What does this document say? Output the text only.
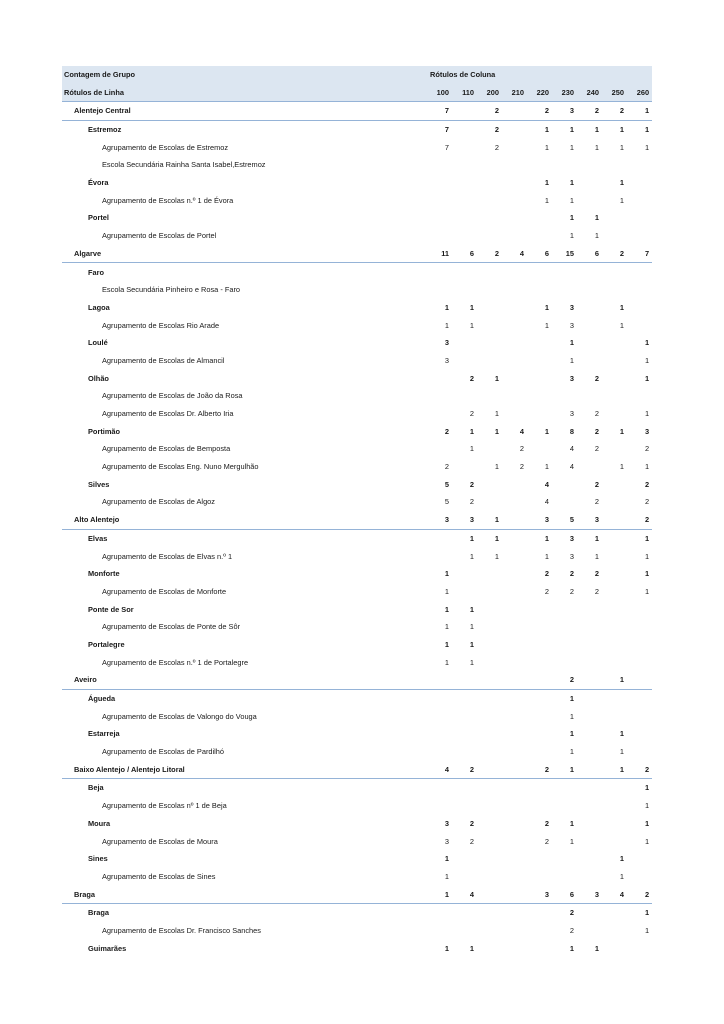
Contagem de Grupo	Rótulos de Coluna								
Rótulos de Linha	100	110	200	210	220	230	240	250	260
Alentejo Central	7		2		2	3	2	2	1
Estremoz	7		2		1	1	1	1	1
Agrupamento de Escolas de Estremoz	7		2		1	1	1	1	1
Escola Secundária Rainha Santa Isabel,Estremoz									
Évora					1	1		1	
Agrupamento de Escolas n.º 1 de Évora					1	1		1	
Portel						1	1		
Agrupamento de Escolas de Portel						1	1		
Algarve	11	6	2	4	6	15	6	2	7
Faro									
Escola Secundária Pinheiro e Rosa - Faro									
Lagoa	1	1			1	3		1	
Agrupamento de Escolas Rio Arade	1	1			1	3		1	
Loulé	3					1			1
Agrupamento de Escolas de Almancil	3					1			1
Olhão		2	1			3	2		1
Agrupamento de Escolas de João da Rosa									
Agrupamento de Escolas Dr. Alberto Iria		2	1			3	2		1
Portimão	2	1	1	4	1	8	2	1	3
Agrupamento de Escolas de Bemposta		1		2		4	2		2
Agrupamento de Escolas Eng. Nuno Mergulhão	2		1	2	1	4		1	1
Silves	5	2			4		2		2
Agrupamento de Escolas de Algoz	5	2			4		2		2
Alto Alentejo	3	3	1		3	5	3		2
Elvas		1	1		1	3	1		1
Agrupamento de Escolas de Elvas n.º 1		1	1		1	3	1		1
Monforte	1				2	2	2		1
Agrupamento de Escolas de Monforte	1				2	2	2		1
Ponte de Sor	1	1							
Agrupamento de Escolas de Ponte de Sôr	1	1							
Portalegre	1	1							
Agrupamento de Escolas n.º 1 de Portalegre	1	1							
Aveiro						2		1	
Águeda						1			
Agrupamento de Escolas de Valongo do Vouga						1			
Estarreja						1		1	
Agrupamento de Escolas de Pardilhó						1		1	
Baixo Alentejo / Alentejo Litoral	4	2			2	1		1	2
Beja									1
Agrupamento de Escolas nº 1 de Beja									1
Moura	3	2			2	1			1
Agrupamento de Escolas de Moura	3	2			2	1			1
Sines	1							1	
Agrupamento de Escolas de Sines	1							1	
Braga	1	4			3	6	3	4	2
Braga						2			1
Agrupamento de Escolas Dr. Francisco Sanches						2			1
Guimarães	1	1				1	1		
